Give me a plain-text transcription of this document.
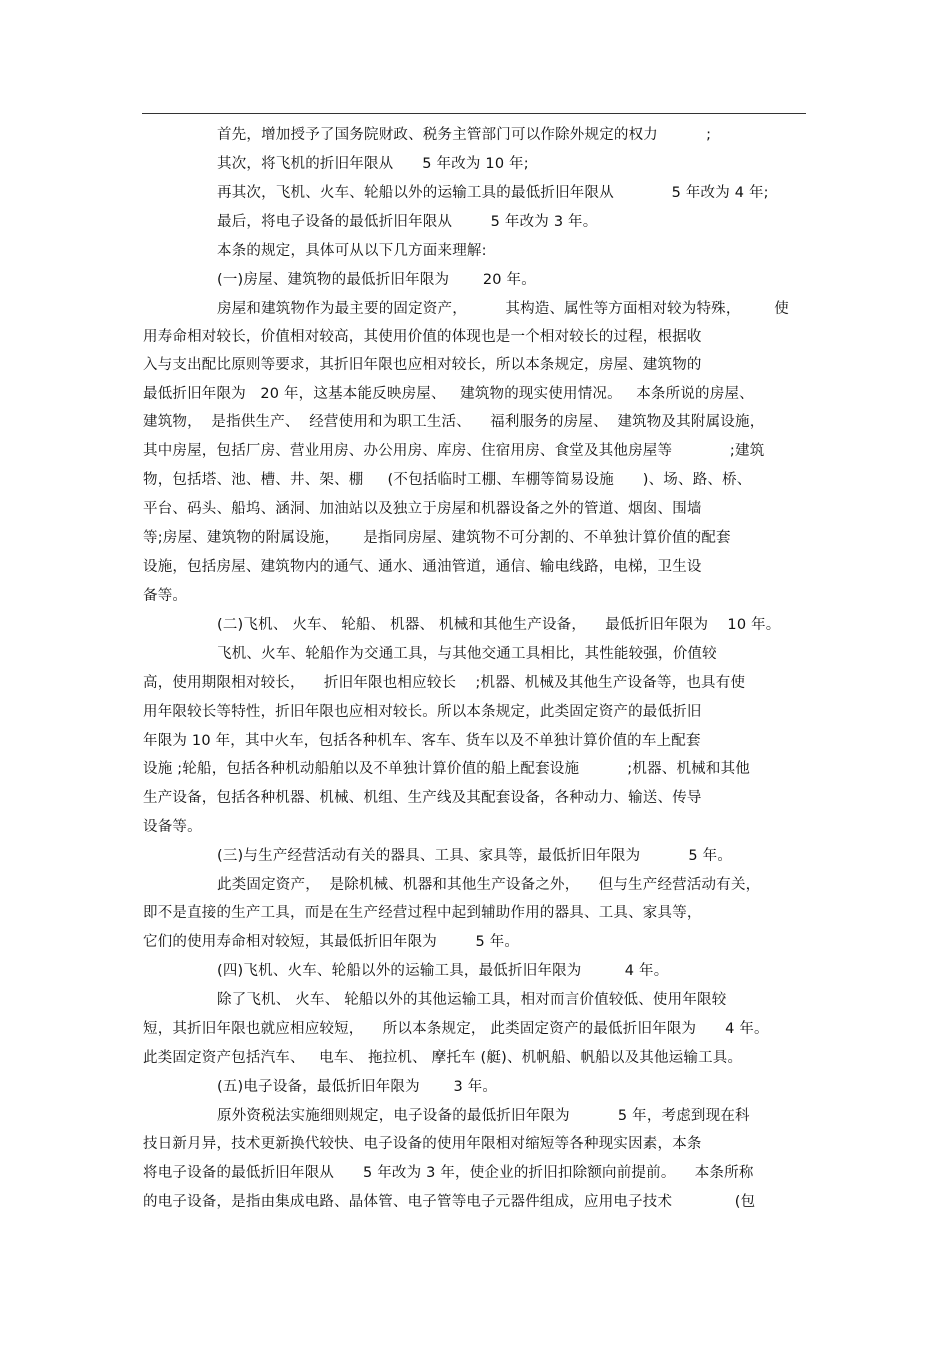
首先，增加授予了国务院财政、税务主管部门可以作除外规定的权力          ;
其次，将飞机的折旧年限从      5 年改为 10 年;
再其次，飞机、火车、轮船以外的运输工具的最低折旧年限从            5 年改为 4 年;
最后，将电子设备的最低折旧年限从        5 年改为 3 年。
本条的规定，具体可从以下几方面来理解:
(一)房屋、建筑物的最低折旧年限为       20 年。
房屋和建筑物作为最主要的固定资产，        其构造、属性等方面相对较为特殊，       使
用寿命相对较长，价值相对较高，其使用价值的体现也是一个相对较长的过程，根据收
入与支出配比原则等要求，其折旧年限也应相对较长，所以本条规定，房屋、建筑物的
最低折旧年限为   20 年，这基本能反映房屋、   建筑物的现实使用情况。   本条所说的房屋、
建筑物，  是指供生产、  经营使用和为职工生活、    福利服务的房屋、  建筑物及其附属设施，
其中房屋，包括厂房、营业用房、办公用房、库房、住宿用房、食堂及其他房屋等            ;建筑
物，包括塔、池、槽、井、架、棚     (不包括临时工棚、车棚等简易设施      )、场、路、桥、
平台、码头、船坞、涵洞、加油站以及独立于房屋和机器设备之外的管道、烟囱、围墙
等;房屋、建筑物的附属设施，     是指同房屋、建筑物不可分割的、不单独计算价值的配套
设施，包括房屋、建筑物内的通气、通水、通油管道，通信、输电线路，电梯，卫生设
备等。
(二)飞机、 火车、 轮船、 机器、 机械和其他生产设备，    最低折旧年限为    10 年。
飞机、火车、轮船作为交通工具，与其他交通工具相比，其性能较强，价值较
高，使用期限相对较长，    折旧年限也相应较长    ;机器、机械及其他生产设备等，也具有使
用年限较长等特性，折旧年限也应相对较长。所以本条规定，此类固定资产的最低折旧
年限为 10 年，其中火车，包括各种机车、客车、货车以及不单独计算价值的车上配套
设施 ;轮船，包括各种机动船舶以及不单独计算价值的船上配套设施          ;机器、机械和其他
生产设备，包括各种机器、机械、机组、生产线及其配套设备，各种动力、输送、传导
设备等。
(三)与生产经营活动有关的器具、工具、家具等，最低折旧年限为          5 年。
此类固定资产，  是除机械、机器和其他生产设备之外，    但与生产经营活动有关，
即不是直接的生产工具，而是在生产经营过程中起到辅助作用的器具、工具、家具等，
它们的使用寿命相对较短，其最低折旧年限为        5 年。
(四)飞机、火车、轮船以外的运输工具，最低折旧年限为         4 年。
除了飞机、 火车、 轮船以外的其他运输工具，相对而言价值较低、使用年限较
短，其折旧年限也就应相应较短，    所以本条规定， 此类固定资产的最低折旧年限为      4 年。
此类固定资产包括汽车、   电车、 拖拉机、 摩托车 (艇)、机帆船、帆船以及其他运输工具。
(五)电子设备，最低折旧年限为       3 年。
原外资税法实施细则规定，电子设备的最低折旧年限为          5 年，考虑到现在科
技日新月异，技术更新换代较快、电子设备的使用年限相对缩短等各种现实因素，本条
将电子设备的最低折旧年限从      5 年改为 3 年，使企业的折旧扣除额向前提前。    本条所称
的电子设备，是指由集成电路、晶体管、电子管等电子元器件组成，应用电子技术             (包
